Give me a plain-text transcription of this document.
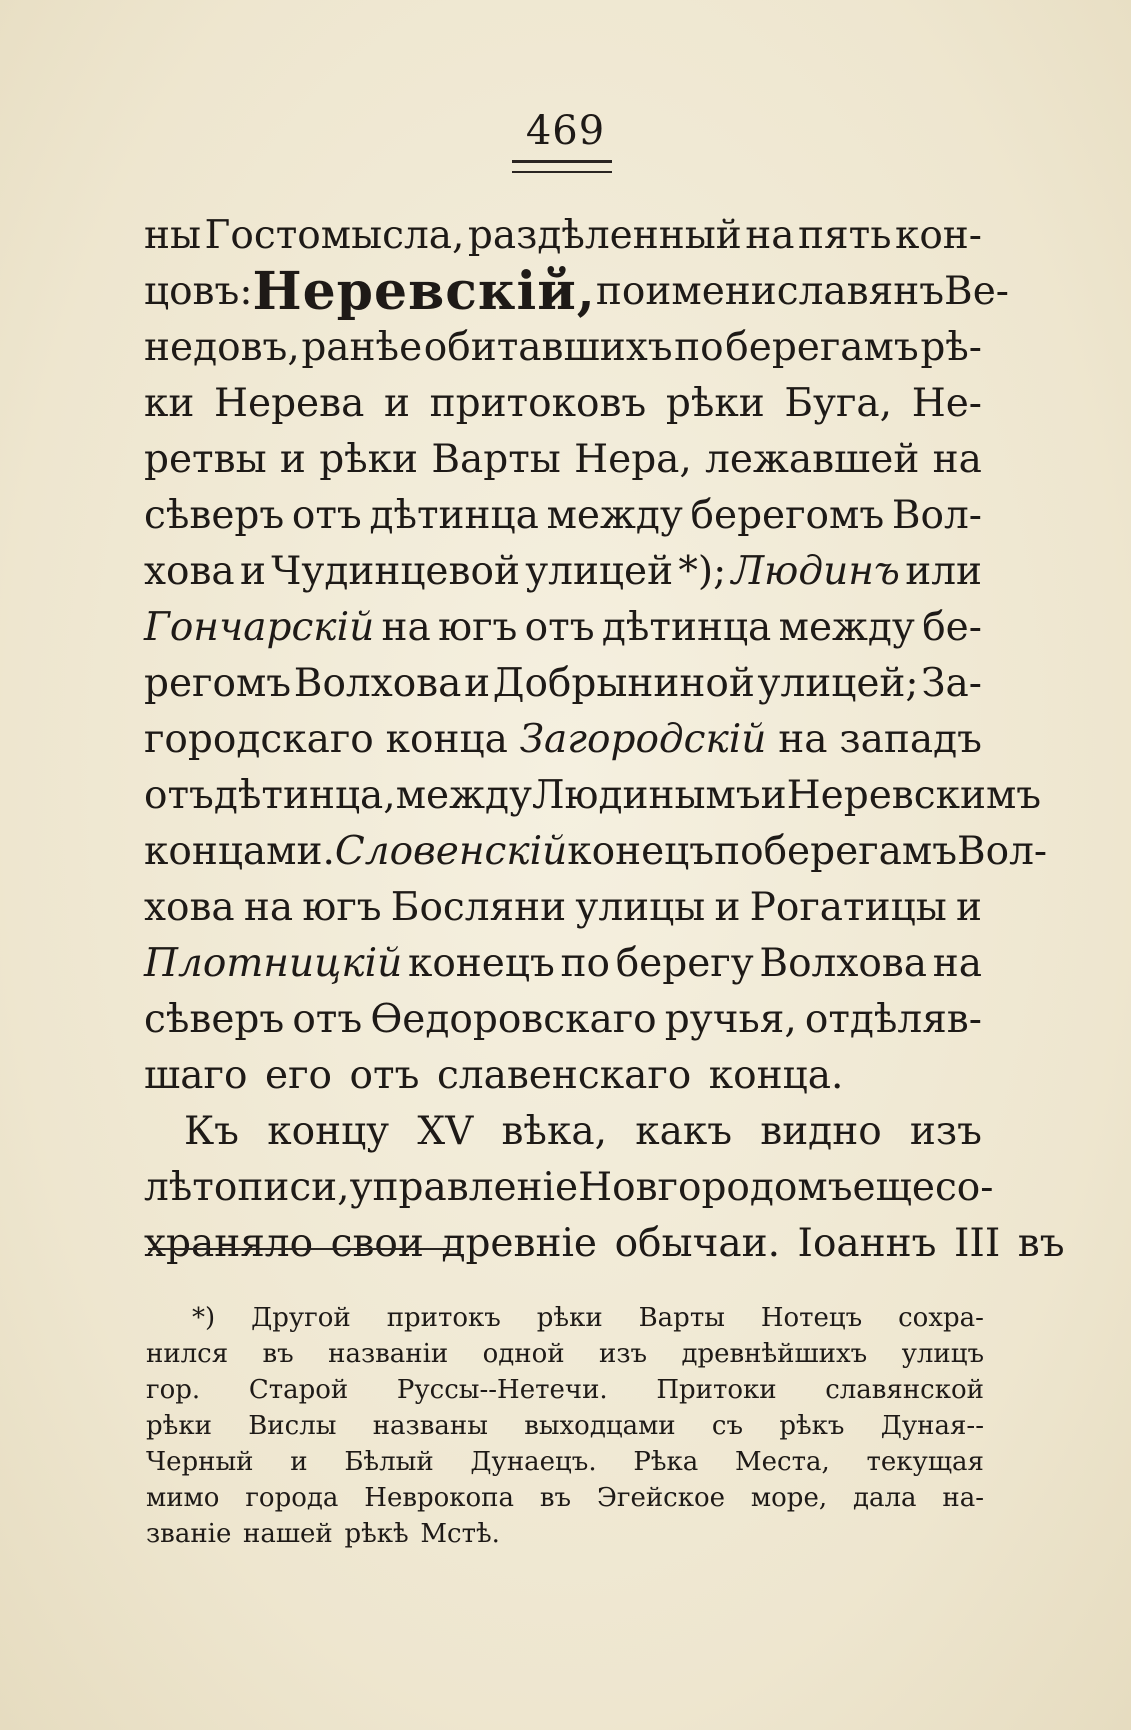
469
ны Гостомысла, раздѣленный на пять кон-
цовъ: Неревскій, по имени славянъ Ве-
недовъ, ранѣе обитавшихъ по берегамъ рѣ-
ки Нерева и притоковъ рѣки Буга, Не-
ретвы и рѣки Варты Нера, лежавшей на
сѣверъ отъ дѣтинца между берегомъ Вол-
хова и Чудинцевой улицей *); Людинъ или
Гончарскій на югъ отъ дѣтинца между бе-
регомъ Волхова и Добрыниной улицей; За-
городскаго конца Загородскій на западъ
отъ дѣтинца, между Людинымъ и Неревскимъ
концами. Словенскій конецъ по берегамъ Вол-
хова на югъ Босляни улицы и Рогатицы и
Плотницкій конецъ по берегу Волхова на
сѣверъ отъ Ѳедоровскаго ручья, отдѣляв-
шаго его отъ славенскаго конца.
Къ концу XV вѣка, какъ видно изъ
лѣтописи, управленіе Новгородомъ еще со-
храняло свои древніе обычаи. Іоаннъ III въ
*) Другой притокъ рѣки Варты Нотецъ сохра-
нился въ названіи одной изъ древнѣйшихъ улицъ
гор. Старой Руссы--Нетечи. Притоки славянской
рѣки Вислы названы выходцами съ рѣкъ Дуная--
Черный и Бѣлый Дунаецъ. Рѣка Места, текущая
мимо города Неврокопа въ Эгейское море, дала на-
званіе нашей рѣкѣ Мстѣ.
